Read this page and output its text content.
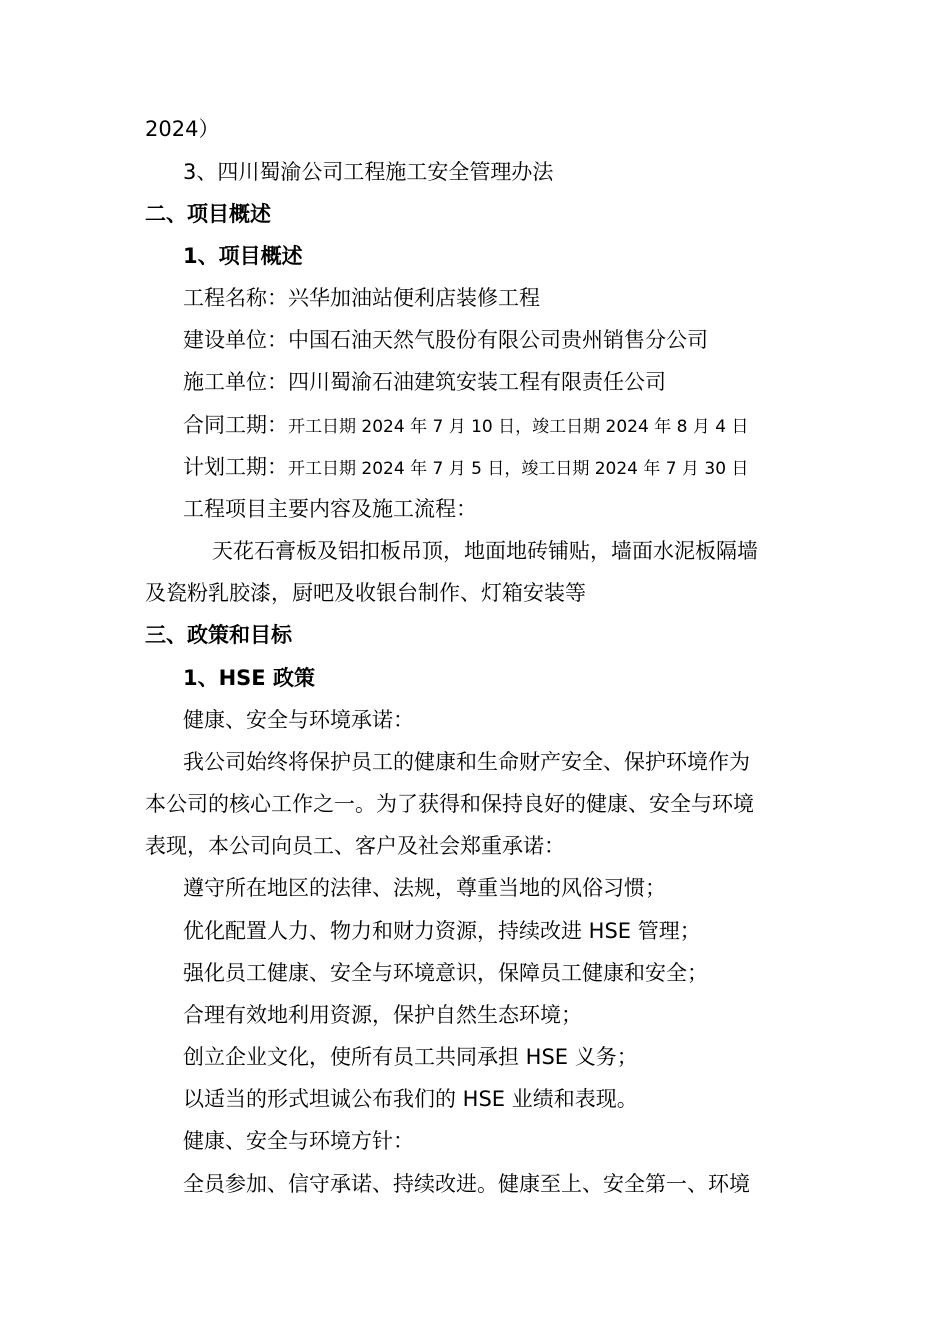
2024）
3、四川蜀渝公司工程施工安全管理办法
二、项目概述
1、项目概述
工程名称：兴华加油站便利店装修工程
建设单位：中国石油天然气股份有限公司贵州销售分公司
施工单位：四川蜀渝石油建筑安装工程有限责任公司
合同工期：开工日期 2024 年 7 月 10 日，竣工日期 2024 年 8 月 4 日
计划工期：开工日期 2024 年 7 月 5 日，竣工日期 2024 年 7 月 30 日
工程项目主要内容及施工流程：
天花石膏板及铝扣板吊顶，地面地砖铺贴，墙面水泥板隔墙
及瓷粉乳胶漆，厨吧及收银台制作、灯箱安装等
三、政策和目标
1、HSE 政策
健康、安全与环境承诺：
我公司始终将保护员工的健康和生命财产安全、保护环境作为
本公司的核心工作之一。为了获得和保持良好的健康、安全与环境
表现，本公司向员工、客户及社会郑重承诺：
遵守所在地区的法律、法规，尊重当地的风俗习惯；
优化配置人力、物力和财力资源，持续改进 HSE 管理；
强化员工健康、安全与环境意识，保障员工健康和安全；
合理有效地利用资源，保护自然生态环境；
创立企业文化，使所有员工共同承担 HSE 义务；
以适当的形式坦诚公布我们的 HSE 业绩和表现。
健康、安全与环境方针：
全员参加、信守承诺、持续改进。健康至上、安全第一、环境
